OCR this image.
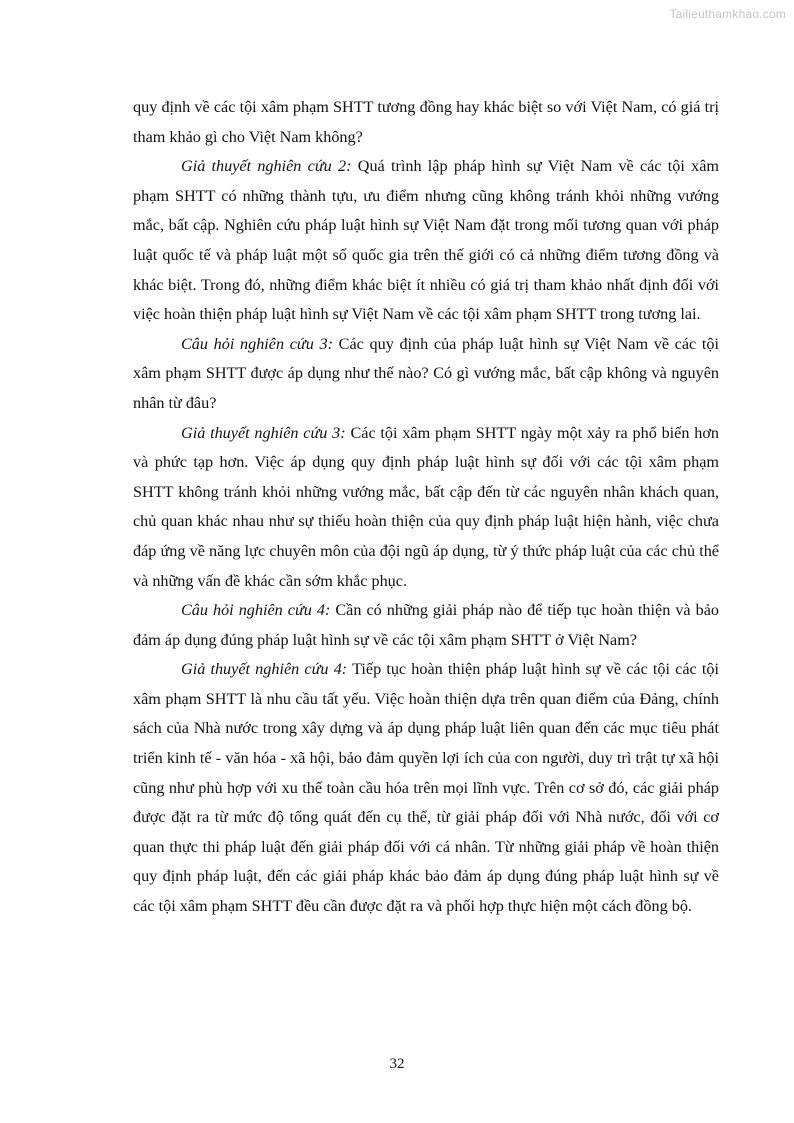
Tailieuthamkhao.com

quy định về các tội xâm phạm SHTT tương đồng hay khác biệt so với Việt Nam, có giá trị tham khảo gì cho Việt Nam không?

Giả thuyết nghiên cứu 2: Quá trình lập pháp hình sự Việt Nam về các tội xâm phạm SHTT có những thành tựu, ưu điểm nhưng cũng không tránh khỏi những vướng mắc, bất cập. Nghiên cứu pháp luật hình sự Việt Nam đặt trong mối tương quan với pháp luật quốc tế và pháp luật một số quốc gia trên thế giới có cả những điểm tương đồng và khác biệt. Trong đó, những điểm khác biệt ít nhiều có giá trị tham khảo nhất định đối với việc hoàn thiện pháp luật hình sự Việt Nam về các tội xâm phạm SHTT trong tương lai.

Câu hỏi nghiên cứu 3: Các quy định của pháp luật hình sự Việt Nam về các tội xâm phạm SHTT được áp dụng như thế nào? Có gì vướng mắc, bất cập không và nguyên nhân từ đâu?

Giả thuyết nghiên cứu 3: Các tội xâm phạm SHTT ngày một xảy ra phổ biến hơn và phức tạp hơn. Việc áp dụng quy định pháp luật hình sự đối với các tội xâm phạm SHTT không tránh khỏi những vướng mắc, bất cập đến từ các nguyên nhân khách quan, chủ quan khác nhau như sự thiếu hoàn thiện của quy định pháp luật hiện hành, việc chưa đáp ứng về năng lực chuyên môn của đội ngũ áp dụng, từ ý thức pháp luật của các chủ thể và những vấn đề khác cần sớm khắc phục.

Câu hỏi nghiên cứu 4: Cần có những giải pháp nào để tiếp tục hoàn thiện và bảo đảm áp dụng đúng pháp luật hình sự về các tội xâm phạm SHTT ở Việt Nam?

Giả thuyết nghiên cứu 4: Tiếp tục hoàn thiện pháp luật hình sự về các tội các tội xâm phạm SHTT là nhu cầu tất yếu. Việc hoàn thiện dựa trên quan điểm của Đảng, chính sách của Nhà nước trong xây dựng và áp dụng pháp luật liên quan đến các mục tiêu phát triển kinh tế - văn hóa - xã hội, bảo đảm quyền lợi ích của con người, duy trì trật tự xã hội cũng như phù hợp với xu thế toàn cầu hóa trên mọi lĩnh vực. Trên cơ sở đó, các giải pháp được đặt ra từ mức độ tổng quát đến cụ thể, từ giải pháp đối với Nhà nước, đối với cơ quan thực thi pháp luật đến giải pháp đối với cá nhân. Từ những giải pháp về hoàn thiện quy định pháp luật, đến các giải pháp khác bảo đảm áp dụng đúng pháp luật hình sự về các tội xâm phạm SHTT đều cần được đặt ra và phối hợp thực hiện một cách đồng bộ.

32
